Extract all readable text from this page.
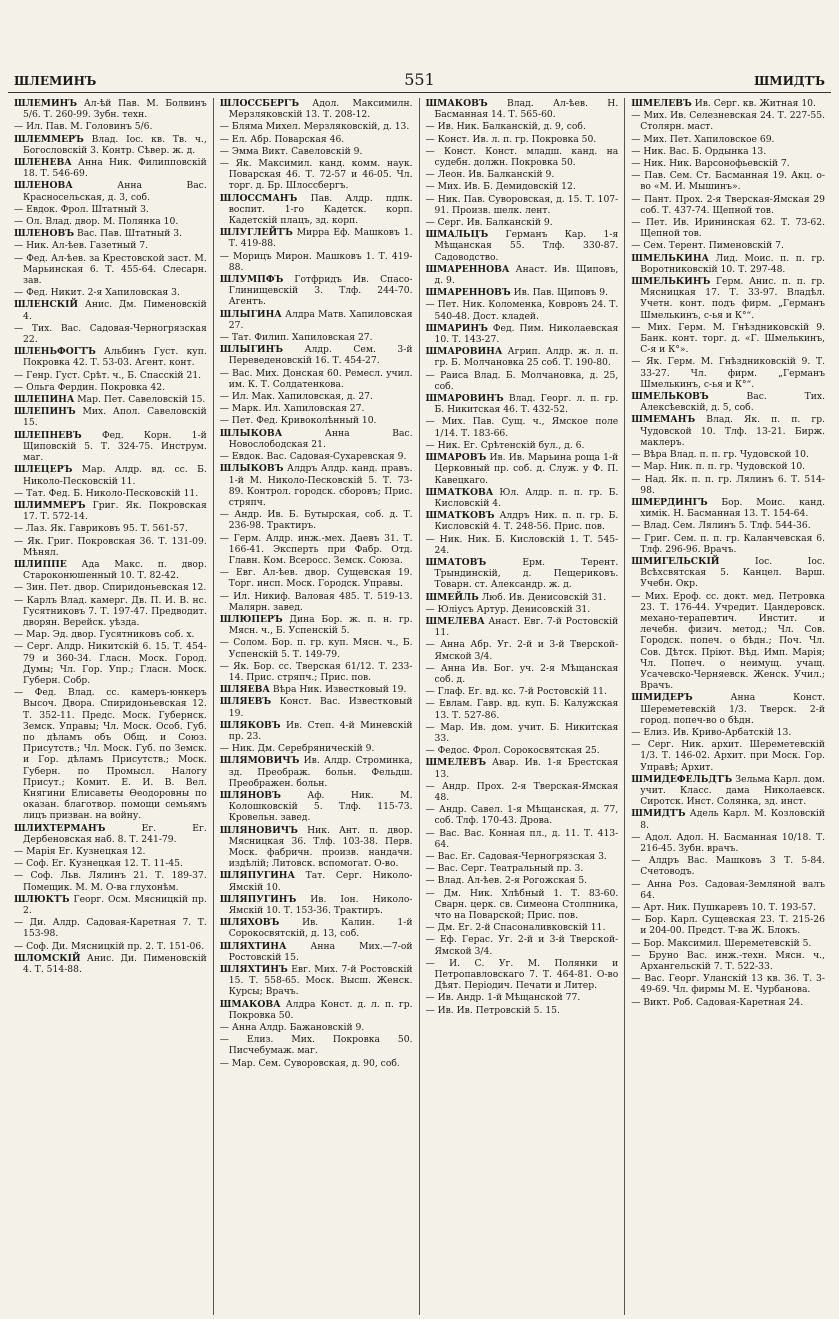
ШЛЕМИНЪ	551	ШМИДТЪ

ШЛЕМИНЪ Ал-ѣй Пав. М. Болвинъ 5/6. Т. 260-99. Зубн. техн.

— Ил. Пав. М. Головинъ 5/6.

ШЛЕММЕРЪ Влад. Іос. кв. Тв. ч., Богословскій 3. Контр. Сѣвер. ж. д.

ШЛЕНЕВА Анна Ник. Филипповскій 18. Т. 546-69.

ШЛЕНОВА	Анна Вас. Красносельская, д. 3, соб.

— Евдок. Фрол. Штатный 3.

— Ол. Влад. двор. М. Полянка 10.

ШЛЕНОВЪ Вас. Пав. Штатный 3.

— Ник. Ал-ѣев. Газетный 7.

— Фед. Ал-ѣев. за Крестовской заст. М. Марьинская 6. Т. 455-64. Слесарн. зав.

— Фед. Никит. 2-я Хапиловская 3.

ШЛЕНСКІЙ Анис. Дм. Пименовскій 4.

— Тих. Вас. Садовая-Черногрязская 22.

ШЛЕНЬФОГТЪ Альбинъ Густ. куп. Покровка 42. Т. 53-03. Агент. конт.

— Генр. Густ. Срѣт. ч., Б. Спасскій 21.

— Ольга Фердин. Покровка 42.

ШЛЕПИНА Мар. Пет. Савеловскій 15.

ШЛЕПИНЪ Мих. Апол. Савеловскій 15.

ШЛЕПНЕВЪ Фед. Корн. 1-й Щиповскій 5. Т. 324-75. Инструм. маг.

ШЛЕЦЕРЪ Мар. Алдр. вд. сс. Б. Николо-Песковскій 11.

— Тат. Фед. Б. Николо-Песковскій 11.

ШЛИММЕРЪ Григ. Як. Покровская 17. Т. 572-14.

— Лаз. Як. Гавриковъ 95. Т. 561-57.

— Як. Григ. Покровская 36. Т. 131-09. Мѣнял.

ШЛИППЕ Ада Макс. п. двор. Староконюшенный 10. Т. 82-42.

— Зин. Пет. двор. Спиридоньевская 12.

— Карлъ Влад. камерг. Дв. П. И. В. нс. Гусятниковъ 7. Т. 197-47. Предводит. дворян. Верейск. уѣзда.

— Мар. Эд. двор. Гусятниковъ соб. х.

— Серг. Алдр. Никитскій 6. 15. Т. 454-79 и 360-34. Гласн. Моск. Город. Думы; Чл. Гор. Упр.; Гласн. Моск. Губерн. Собр.

— Фед. Влад. сс. камеръ-юнкеръ Высоч. Двора. Спиридоньевская 12. Т. 352-11. Предс. Моск. Губернск. Земск. Управы; Чл. Моск. Особ. Губ. по дѣламъ объ Общ. и Союз. Присутств.; Чл. Моск. Губ. по Земск. и Гор. дѣламъ Присутств.; Моск. Губерн. по Промысл. Налогу Присут.; Комит. Е. И. В. Вел. Княгини Елисаветы Ѳеодоровны по оказан. благотвор. помощи семьямъ лицъ призван. на войну.

ШЛИХТЕРМАНЪ	Ег. Ег. Дербеновская наб. 8. Т. 241-79.

— Марія Ег. Кузнецкая 12.

— Соф. Ег. Кузнецкая 12. Т. 11-45.

— Соф. Льв. Лялинъ 21. Т. 189-37. Помещик. М. М. О-ва глухонѣм.

ШЛЮКТЪ Георг. Осм. Мясницкій пр. 2.

— Ди. Алдр. Садовая-Каретная 7. Т. 153-98.

— Соф. Ди. Мясницкій пр. 2. Т. 151-06.

ШЛОМСКІЙ Анис. Ди. Пименовскій 4. Т. 514-88.

ШЛОССБЕРГЪ Адол. Максимилн. Мерзляковскій 13. Т. 208-12.

— Бляма Михел. Мерзляковскій, д. 13.

— Ел. Абр. Поварская 46.

— Эмма Викт. Савеловскій 9.

— Як. Максимил. канд. комм. наук. Поварская 46. Т. 72-57 и 46-05. Чл. торг. д. Бр. Шлоссбергъ.

ШЛОССМАНЪ Пав. Алдр. пдпк. воспит. 1-го Кадетск. корп. Кадетскій плацъ, зд. корп.

ШЛУГЛЕЙТЪ Мирра Еф. Машковъ 1. Т. 419-88.

— Морицъ Мирон. Машковъ 1. Т. 419-88.

ШЛУМПФЪ Готфридъ Ив. Спасо-Глинищевскій 3. Тлф. 244-70. Агентъ.

ШЛЫГИНА Алдра Матв. Хапиловская 27.

— Тат. Филип. Хапиловская 27.

ШЛЫГИНЪ Алдр. Сем. 3-й Переведеновскій 16. Т. 454-27.

— Вас. Мих. Донская 60. Ремесл. учил. им. К. Т. Солдатенкова.

— Ил. Мак. Хапиловская, д. 27.

— Марк. Ил. Хапиловская 27.

— Пет. Фед. Кривоколѣнный 10.

ШЛЫКОВА	Анна Вас. Новослободская 21.

— Евдок. Вас. Садовая-Сухаревская 9.

ШЛЫКОВЪ Алдръ Алдр. канд. правъ. 1-й М. Николо-Песковскій 5. Т. 73-89. Контрол. городск. сборовъ; Прис. стряпч.

— Андр. Ив. Б. Бутырская, соб. д. Т. 236-98. Трактиръ.

— Герм. Алдр. инж.-мех. Даевъ 31. Т. 166-41. Эксперть при Фабр. Отд. Главн. Ком. Всеросс. Земск. Союза.

— Евг. Ал-ѣев. двор. Сущевская 19. Торг. инсп. Моск. Городск. Управы.

— Ил. Никиф. Валовая 485. Т. 519-13. Малярн. завед.

ШЛЮПЕРЪ Дина Бор. ж. п. н. гр. Мясн. ч., Б. Успенскій 5.

— Солом. Бор. п. гр. куп. Мясн. ч., Б. Успенскій 5. Т. 149-79.

— Як. Бор. сс. Тверская 61/12. Т. 233-14. Прис. стряпч.; Прис. пов.

ШЛЯЕВА Вѣра Ник. Известковый 19.

ШЛЯЕВЪ Конст. Вас. Известковый 19.

ШЛЯКОВЪ Ив. Степ. 4-й Миневскій пр. 23.

— Ник. Дм. Серебряническій 9.

ШЛЯМОВИЧЪ Ив. Алдр. Строминка, зд. Преображ. больн. Фельдш. Преображен. больн.

ШЛЯНОВЪ	Аф. Ник. М. Колошковскій 5. Тлф. 115-73. Кровельн. завед.

ШЛЯНОВИЧЪ Ник. Ант. п. двор. Мясницкая 36. Тлф. 103-38. Перв. Моск. фабричн. произв. нандачн. издѣлій; Литовск. вспомогат. О-во.

ШЛЯПУГИНА Тат. Серг. Николо-Ямскій 10.

ШЛЯПУГИНЪ Ив. Іон. Николо-Ямскій 10. Т. 153-36. Трактиръ.

ШЛЯХОВЪ Ив. Калин. 1-й Сорокосвятскій, д. 13, соб.

ШЛЯХТИНА	Анна Мих.—7-ой Ростовскій 15.

ШЛЯХТИНЪ Евг. Мих. 7-й Ростовскій 15. Т. 558-65. Моск. Высш. Женск. Курсы; Врачъ.

ШМАКОВА Алдра Конст. д. л. п. гр. Покровка 50.

— Анна Алдр. Бажановскій 9.

— Елиз. Мих. Покровка 50. Писчебумаж. маг.

— Мар. Сем. Суворовская, д. 90, соб.

ШМАКОВЪ Влад. Ал-ѣев. Н. Басманная 14. Т. 565-60.

— Ив. Ник. Балканскій, д. 9, соб.

— Конст. Ив. л. п. гр. Покровка 50.

— Конст. Конст. младш. канд. на судебн. должн. Покровка 50.

— Леон. Ив. Балканскій 9.

— Мих. Ив. Б. Демидовскій 12.

— Ник. Пав. Суворовская, д. 15. Т. 107-91. Произв. шелк. лент.

— Серг. Ив. Балканскій 9.

ШМАЛЬЦЪ Германъ Кар. 1-я Мѣщанская 55. Тлф. 330-87. Садоводство.

ШМАРЕННОВА Анаст. Ив. Щиповъ, д. 9.

ШМАРЕННОВЪ Ив. Пав. Щиповъ 9.

— Пет. Ник. Коломенка, Ковровъ 24. Т. 540-48. Дост. кладей.

ШМАРИНЪ Фед. Пим. Николаевская 10. Т. 143-27.

ШМАРОВИНА Агрип. Алдр. ж. л. п. гр. Б. Молчановка 25 соб. Т. 190-80.

— Раиса Влад. Б. Молчановка, д. 25, соб.

ШМАРОВИНЪ Влад. Георг. л. п. гр. Б. Никитская 46. Т. 432-52.

— Мих. Пав. Сущ. ч., Ямское поле 1/14. Т. 183-66.

— Ник. Ег. Срѣтенскій бул., д. 6.

ШМАРОВЪ Ив. Ив. Марьина роща 1-й Церковный пр. соб. д. Служ. у Ф. П. Кавецкаго.

ШМАТКОВА Юл. Алдр. п. п. гр. Б. Кисловскій 4.

ШМАТКОВЪ Алдръ Ник. п. п. гр. Б. Кисловскій 4. Т. 248-56. Прис. пов.

— Ник. Ник. Б. Кисловскій 1. Т. 545-24.

ШМАТОВЪ	Ерм. Терент. Трындинскій, д. Пещериковъ. Товарн. ст. Александр. ж. д.

ШМЕЙЛЬ Люб. Ив. Денисовскій 31.

— Юліусъ Артур. Денисовскій 31.

ШМЕЛЕВА Анаст. Евг. 7-й Ростовскій 11.

— Анна Абр. Уг. 2-й и 3-й Тверской-Ямской 3/4.

— Анна Ив. Бог. уч. 2-я Мѣщанская соб. д.

— Глаф. Ег. вд. кс. 7-й Ростовскій 11.

— Евлам. Гавр. вд. куп. Б. Калужская 13. Т. 527-86.

— Мар. Ив. дом. учит. Б. Никитская 33.

— Федос. Фрол. Сорокосвятская 25.

ШМЕЛЕВЪ Авар. Ив. 1-я Брестская 13.

— Андр. Прох. 2-я Тверская-Ямская 48.

— Андр. Савел. 1-я Мѣщанская, д. 77, соб. Тлф. 170-43. Дрова.

— Вас. Вас. Конная пл., д. 11. Т. 413-64.

— Вас. Ег. Садовая-Черногрязская 3.

— Вас. Серг. Театральный пр. 3.

— Влад. Ал-ѣев. 2-я Рогожская 5.

— Дм. Ник. Хлѣбный 1. Т. 83-60. Сварн. церк. св. Симеона Столпника, что на Поварской; Прис. пов.

— Дм. Ег. 2-й Спасоналивковскій 11.

— Еф. Герас. Уг. 2-й и 3-й Тверской-Ямской 3/4.

— И. С. Уг. М. Полянки и Петропавловскаго 7. Т. 464-81. О-во Дѣят. Періодич. Печати и Литер.

— Ив. Андр. 1-й Мѣщанской 77.

— Ив. Ив. Петровскій 5. 15.

ШМЕЛЕВЪ Ив. Серг. кв. Житная 10.

— Мих. Ив. Селезневская 24. Т. 227-55. Столярн. маст.

— Мих. Пет. Хапиловское 69.

— Ник. Вас. Б. Ордынка 13.

— Ник. Ник. Варсонофьевскій 7.

— Пав. Сем. Ст. Басманная 19. Акц. о-во «М. И. Мышинъ».

— Пант. Прох. 2-я Тверская-Ямская 29 соб. Т. 437-74. Щепной тов.

— Пет. Ив. Ирининская 62. Т. 73-62. Щепной тов.

— Сем. Терент. Пименовскій 7.

ШМЕЛЬКИНА Лид. Моис. п. п. гр. Воротниковскій 10. Т. 297-48.

ШМЕЛЬКИНЪ Герм. Анис. п. п. гр. Мясницкая 17. Т. 33-97. Владѣл. Учетн. конт. подъ фирм. „Германъ Шмелькинъ, с-ья и К°“.

— Мих. Герм. М. Гнѣздниковскій 9. Банк. конт. торг. д. «Г. Шмелькинъ, С-я и К°».

— Як. Герм. М. Гнѣздниковскій 9. Т. 33-27. Чл. фирм. „Германъ Шмелькинъ, с-ья и К°“.

ШМЕЛЬКОВЪ	Вас. Тих. Алексѣевскій, д. 5, соб.

ШМЕМАНЪ Влад. Як. п. п. гр. Чудовской 10. Тлф. 13-21. Бирж. маклеръ.

— Вѣра Влад. п. п. гр. Чудовской 10.

— Мар. Ник. п. п. гр. Чудовской 10.

— Над. Як. п. п. гр. Лялинъ 6. Т. 514-98.

ШМЕРДИНГЪ Бор. Моис. канд. химік. Н. Басманная 13. Т. 154-64.

— Влад. Сем. Лялинъ 5. Тлф. 544-36.

— Григ. Сем. п. п. гр. Каланчевская 6. Тлф. 296-96. Врачъ.

ШМИГЕЛЬСКІЙ	Іос. Іос. Всѣхсвятская 5. Канцел. Варш. Учебн. Окр.

— Мих. Ероф. сс. докт. мед. Петровка 23. Т. 176-44. Учредит. Цандеровск. механо-терапевтич. Инстит. и лечебн. физич. метод.; Чл. Сов. Городск. попеч. о бѣдн.; Поч. Чл. Сов. Дѣтск. Пріют. Вѣд. Имп. Марія; Чл. Попеч. о неимущ. учащ. Усачевско-Черняевск. Женск. Учил.; Врачъ.

ШМИДЕРЪ	Анна Конст. Шереметевскій 1/3. Тверск. 2-й город. попеч-во о бѣдн.

— Елиз. Ив. Криво-Арбатскій 13.

— Серг. Ник. архит. Шереметевскій 1/3. Т. 146-02. Архит. при Моск. Гор. Управѣ; Архит.

ШМИДЕФЕЛЬДТЪ Зельма Карл. дом. учит. Класс. дама Николаевск. Сиротск. Инст. Солянка, зд. инст.

ШМИДТЪ Адель Карл. М. Козловскій 8.

— Адол. Адол. Н. Басманная 10/18. Т. 216-45. Зубн. врачъ.

— Алдръ Вас. Машковъ 3 Т. 5-84. Счетоводъ.

— Анна Роз. Садовая-Земляной валъ 64.

— Арт. Ник. Пушкаревъ 10. Т. 193-57.

— Бор. Карл. Сущевская 23. Т. 215-26 и 204-00. Предст. Т-ва Ж. Блокъ.

— Бор. Максимил. Шереметевскій 5.

— Бруно Вас. инж.-техн. Мясн. ч., Архангельскій 7. Т. 522-33.

— Вас. Георг. Уланскій 13 кв. 36. Т. 3-49-69. Чл. фирмы М. Е. Чурбанова.

— Викт. Роб. Садовая-Каретная 24.
